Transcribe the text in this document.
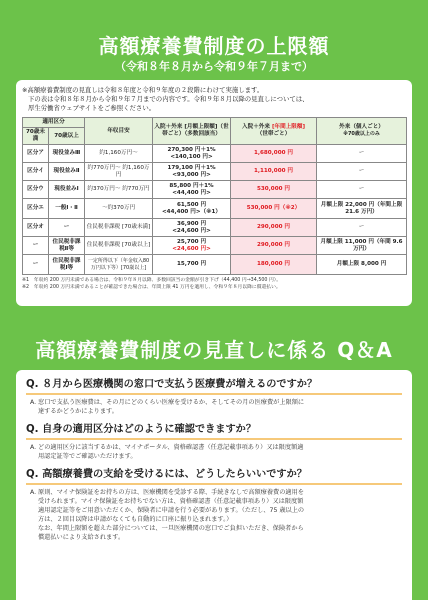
高額療養費制度の上限額
（令和８年８月から令和９年７月まで）

※高額療養費制度の見直しは令和８年度と令和９年度の２段階にわけて実施します。

下の表は令和８年８月から令和９年７月までの内容です。令和９年８月以降の見直しについては、

厚生労働省ウェブサイトをご参照ください。

適用区分		年収目安	入院＋外来 [月額上限額]（世帯ごと）（多数回該当）	入院＋外来 [年間上限額]
（世帯ごと）	外来（個人ごと）
※70歳以上のみ
70歳未満	70歳以上				
区分ア	現役並みⅢ	約1,160万円〜	270,300 円＋1%
<140,100 円>	1,680,000 円	ー
区分イ	現役並みⅡ	約770万円〜 約1,160万円	179,100 円＋1%
<93,000 円>	1,110,000 円	ー
区分ウ	現役並みⅠ	約370万円〜 約770万円	85,800 円＋1%
<44,400 円>	530,000 円	ー
区分エ	一般Ⅰ・Ⅱ	〜約370万円	61,500 円
<44,400 円>（※1）	530,000 円（※2）	月額上限 22,000 円（年間上限 21.6 万円）
区分オ	ー	住民税非課税 [70歳未満]	36,900 円
<24,600 円>	290,000 円	ー
ー	住民税非課税Ⅱ等	住民税非課税 [70歳以上]	25,700 円
<24,600 円>	290,000 円	月額上限 11,000 円（年間 9.6 万円）
ー	住民税非課税Ⅰ等	一定所得以下（年金収入80万円以下等）[70歳以上]	15,700 円	180,000 円	月額上限 8,000 円
※1　年収約 200 万円未満である場合は、令和９年８月以降、多数回該当の金額が引き下げ（44,400 円→34,500 円）。
※2　年収約 200 万円未満であることが確認できた場合は、年間上限 41 万円を適用し、令和９年８月以降に償還払い。
高額療養費制度の見直しに係る Q＆A
Q. ８月から医療機関の窓口で支払う医療費が増えるのですか？

A. 窓口で支払う医療費は、その月にどのくらい医療を受けるか、そしてその月の医療費が上限額に

達するかどうかによります。

Q. 自身の適用区分はどのように確認できますか？

A. どの適用区分に該当するかは、マイナポータル、資格確認書（任意記載事項あり）又は限度額適

用認定証等でご確認いただけます。

Q. 高額療養費の支給を受けるには、どうしたらいいですか？

A. 原則、マイナ保険証をお持ちの方は、医療機関を受診する際、手続きなしで高額療養費の適用を

受けられます。マイナ保険証をお持ちでない方は、資格確認書（任意記載事項あり）又は限度額

適用認定証等をご用意いただくか、保険者に申請を行う必要があります。（ただし、75 歳以上の

方は、２回目以降は申請がなくても自動的に口座に振り込まれます。）

なお、年間上限額を超えた部分については、一旦医療機関の窓口でご負担いただき、保険者から

償還払いにより支給されます。
